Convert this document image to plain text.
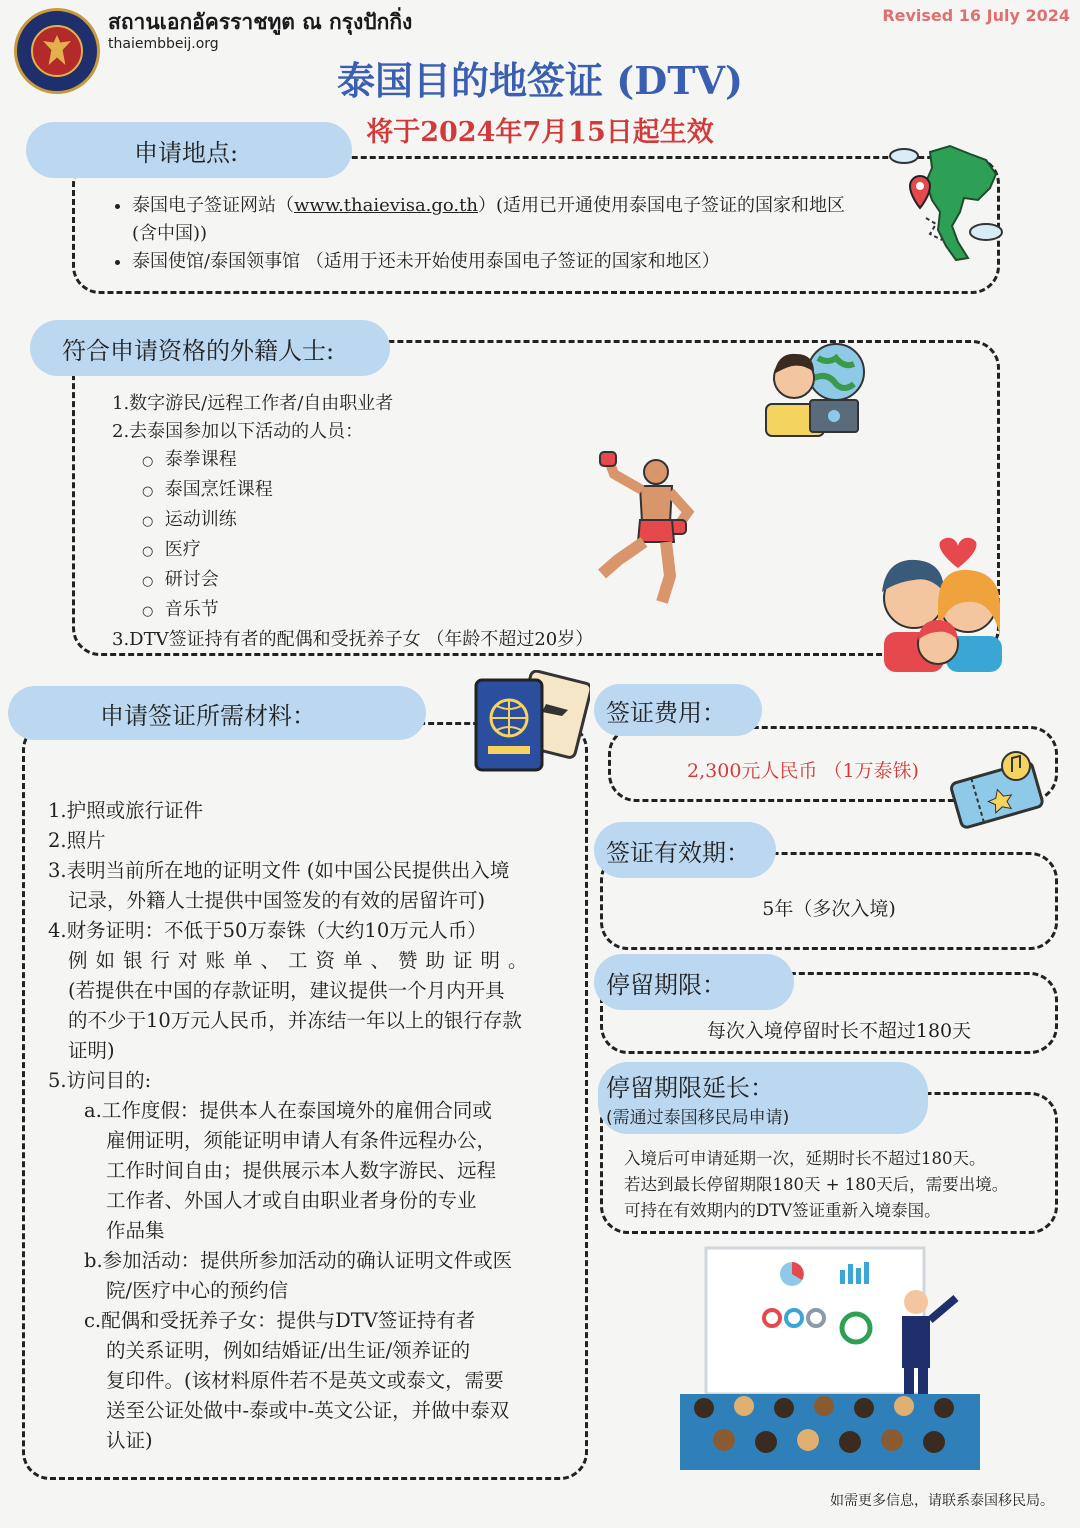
สถานเอกอัครราชทูต ณ กรุงปักกิ่ง
thaiembbeij.org
Revised 16 July 2024
泰国目的地签证 (DTV)
将于2024年7月15日起生效
申请地点:
• 泰国电子签证网站（www.thaievisa.go.th）(适用已开通使用泰国电子签证的国家和地区 (含中国))
• 泰国使馆/泰国领事馆 （适用于还未开始使用泰国电子签证的国家和地区）
符合申请资格的外籍人士:
1.数字游民/远程工作者/自由职业者
2.去泰国参加以下活动的人员：
○ 泰拳课程
○ 泰国烹饪课程
○ 运动训练
○ 医疗
○ 研讨会
○ 音乐节
3.DTV签证持有者的配偶和受抚养子女 （年龄不超过20岁）
申请签证所需材料：
1.护照或旅行证件
2.照片
3.表明当前所在地的证明文件 (如中国公民提供出入境
记录，外籍人士提供中国签发的有效的居留许可)
4.财务证明：不低于50万泰铢（大约10万元人币）
例如银行对账单、工资单、赞助证明。
(若提供在中国的存款证明，建议提供一个月内开具
的不少于10万元人民币，并冻结一年以上的银行存款
证明)
5.访问目的:
a.工作度假：提供本人在泰国境外的雇佣合同或
雇佣证明，须能证明申请人有条件远程办公，
工作时间自由；提供展示本人数字游民、远程
工作者、外国人才或自由职业者身份的专业
作品集
b.参加活动：提供所参加活动的确认证明文件或医
院/医疗中心的预约信
c.配偶和受抚养子女：提供与DTV签证持有者
的关系证明，例如结婚证/出生证/领养证的
复印件。(该材料原件若不是英文或泰文，需要
送至公证处做中-泰或中-英文公证，并做中泰双
认证)
签证费用：
2,300元人民币 （1万泰铢)
签证有效期：
5年（多次入境)
停留期限：
每次入境停留时长不超过180天
停留期限延长：
(需通过泰国移民局申请)
入境后可申请延期一次，延期时长不超过180天。
若达到最长停留期限180天 + 180天后，需要出境。
可持在有效期内的DTV签证重新入境泰国。
如需更多信息，请联系泰国移民局。
